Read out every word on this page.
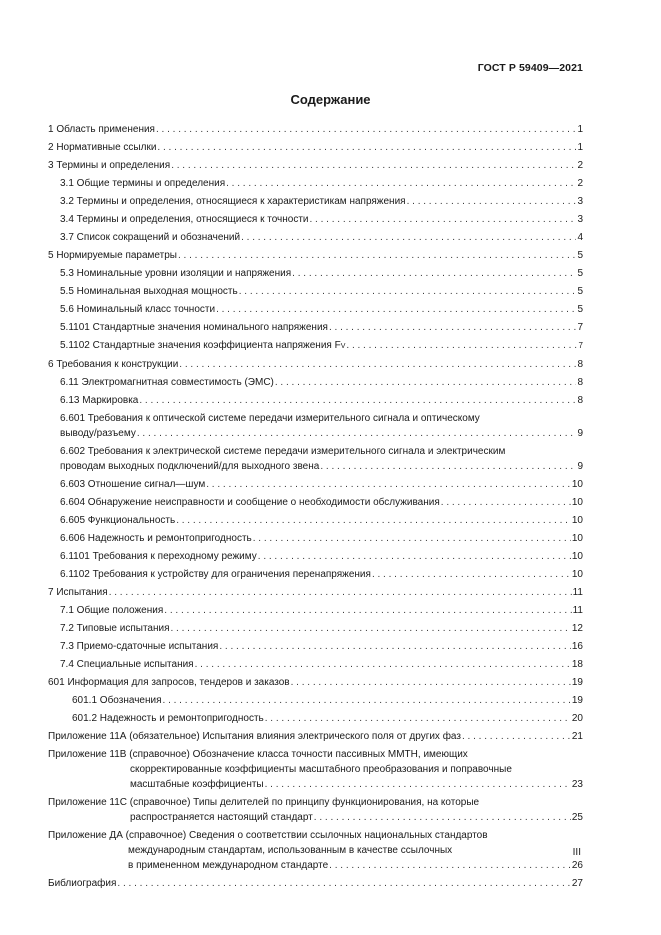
ГОСТ Р 59409—2021
Содержание
1 Область применения . . .	1
2 Нормативные ссылки . . .	1
3 Термины и определения . . .	2
3.1 Общие термины и определения . . .	2
3.2 Термины и определения, относящиеся к характеристикам напряжения . . .	3
3.4 Термины и определения, относящиеся к точности . . .	3
3.7 Список сокращений и обозначений . . .	4
5 Нормируемые параметры . . .	5
5.3 Номинальные уровни изоляции и напряжения . . .	5
5.5 Номинальная выходная мощность . . .	5
5.6 Номинальный класс точности . . .	5
5.1101 Стандартные значения номинального напряжения . . .	7
5.1102 Стандартные значения коэффициента напряжения F V . . .	7
6 Требования к конструкции . . .	8
6.11 Электромагнитная совместимость (ЭМС) . . .	8
6.13 Маркировка . . .	8
6.601 Требования к оптической системе передачи измерительного сигнала и оптическому
выводу/разъему . . .	9
6.602 Требования к электрической системе передачи измерительного сигнала и электрическим
проводам выходных подключений/для выходного звена . . .	9
6.603 Отношение сигнал—шум . . .	10
6.604 Обнаружение неисправности и сообщение о необходимости обслуживания . . .	10
6.605 Функциональность . . .	10
6.606 Надежность и ремонтопригодность . . .	10
6.1101 Требования к переходному режиму . . .	10
6.1102 Требования к устройству для ограничения перенапряжения . . .	10
7 Испытания . . .	11
7.1 Общие положения . . .	11
7.2 Типовые испытания . . .	12
7.3 Приемо-сдаточные испытания . . .	16
7.4 Специальные испытания . . .	18
601 Информация для запросов, тендеров и заказов . . .	19
601.1 Обозначения . . .	19
601.2 Надежность и ремонтопригодность . . .	20
Приложение 11А (обязательное) Испытания влияния электрического поля от других фаз . . .	21
Приложение 11В (справочное) Обозначение класса точности пассивных ММТН, имеющих
скорректированные коэффициенты масштабного преобразования и поправочные
масштабные коэффициенты . . .	23
Приложение 11С (справочное) Типы делителей по принципу функционирования, на которые
распространяется настоящий стандарт . . .	25
Приложение ДА (справочное) Сведения о соответствии ссылочных национальных стандартов
международным стандартам, использованным в качестве ссылочных
в примененном международном стандарте . . .	26
Библиография . . .	27
III
